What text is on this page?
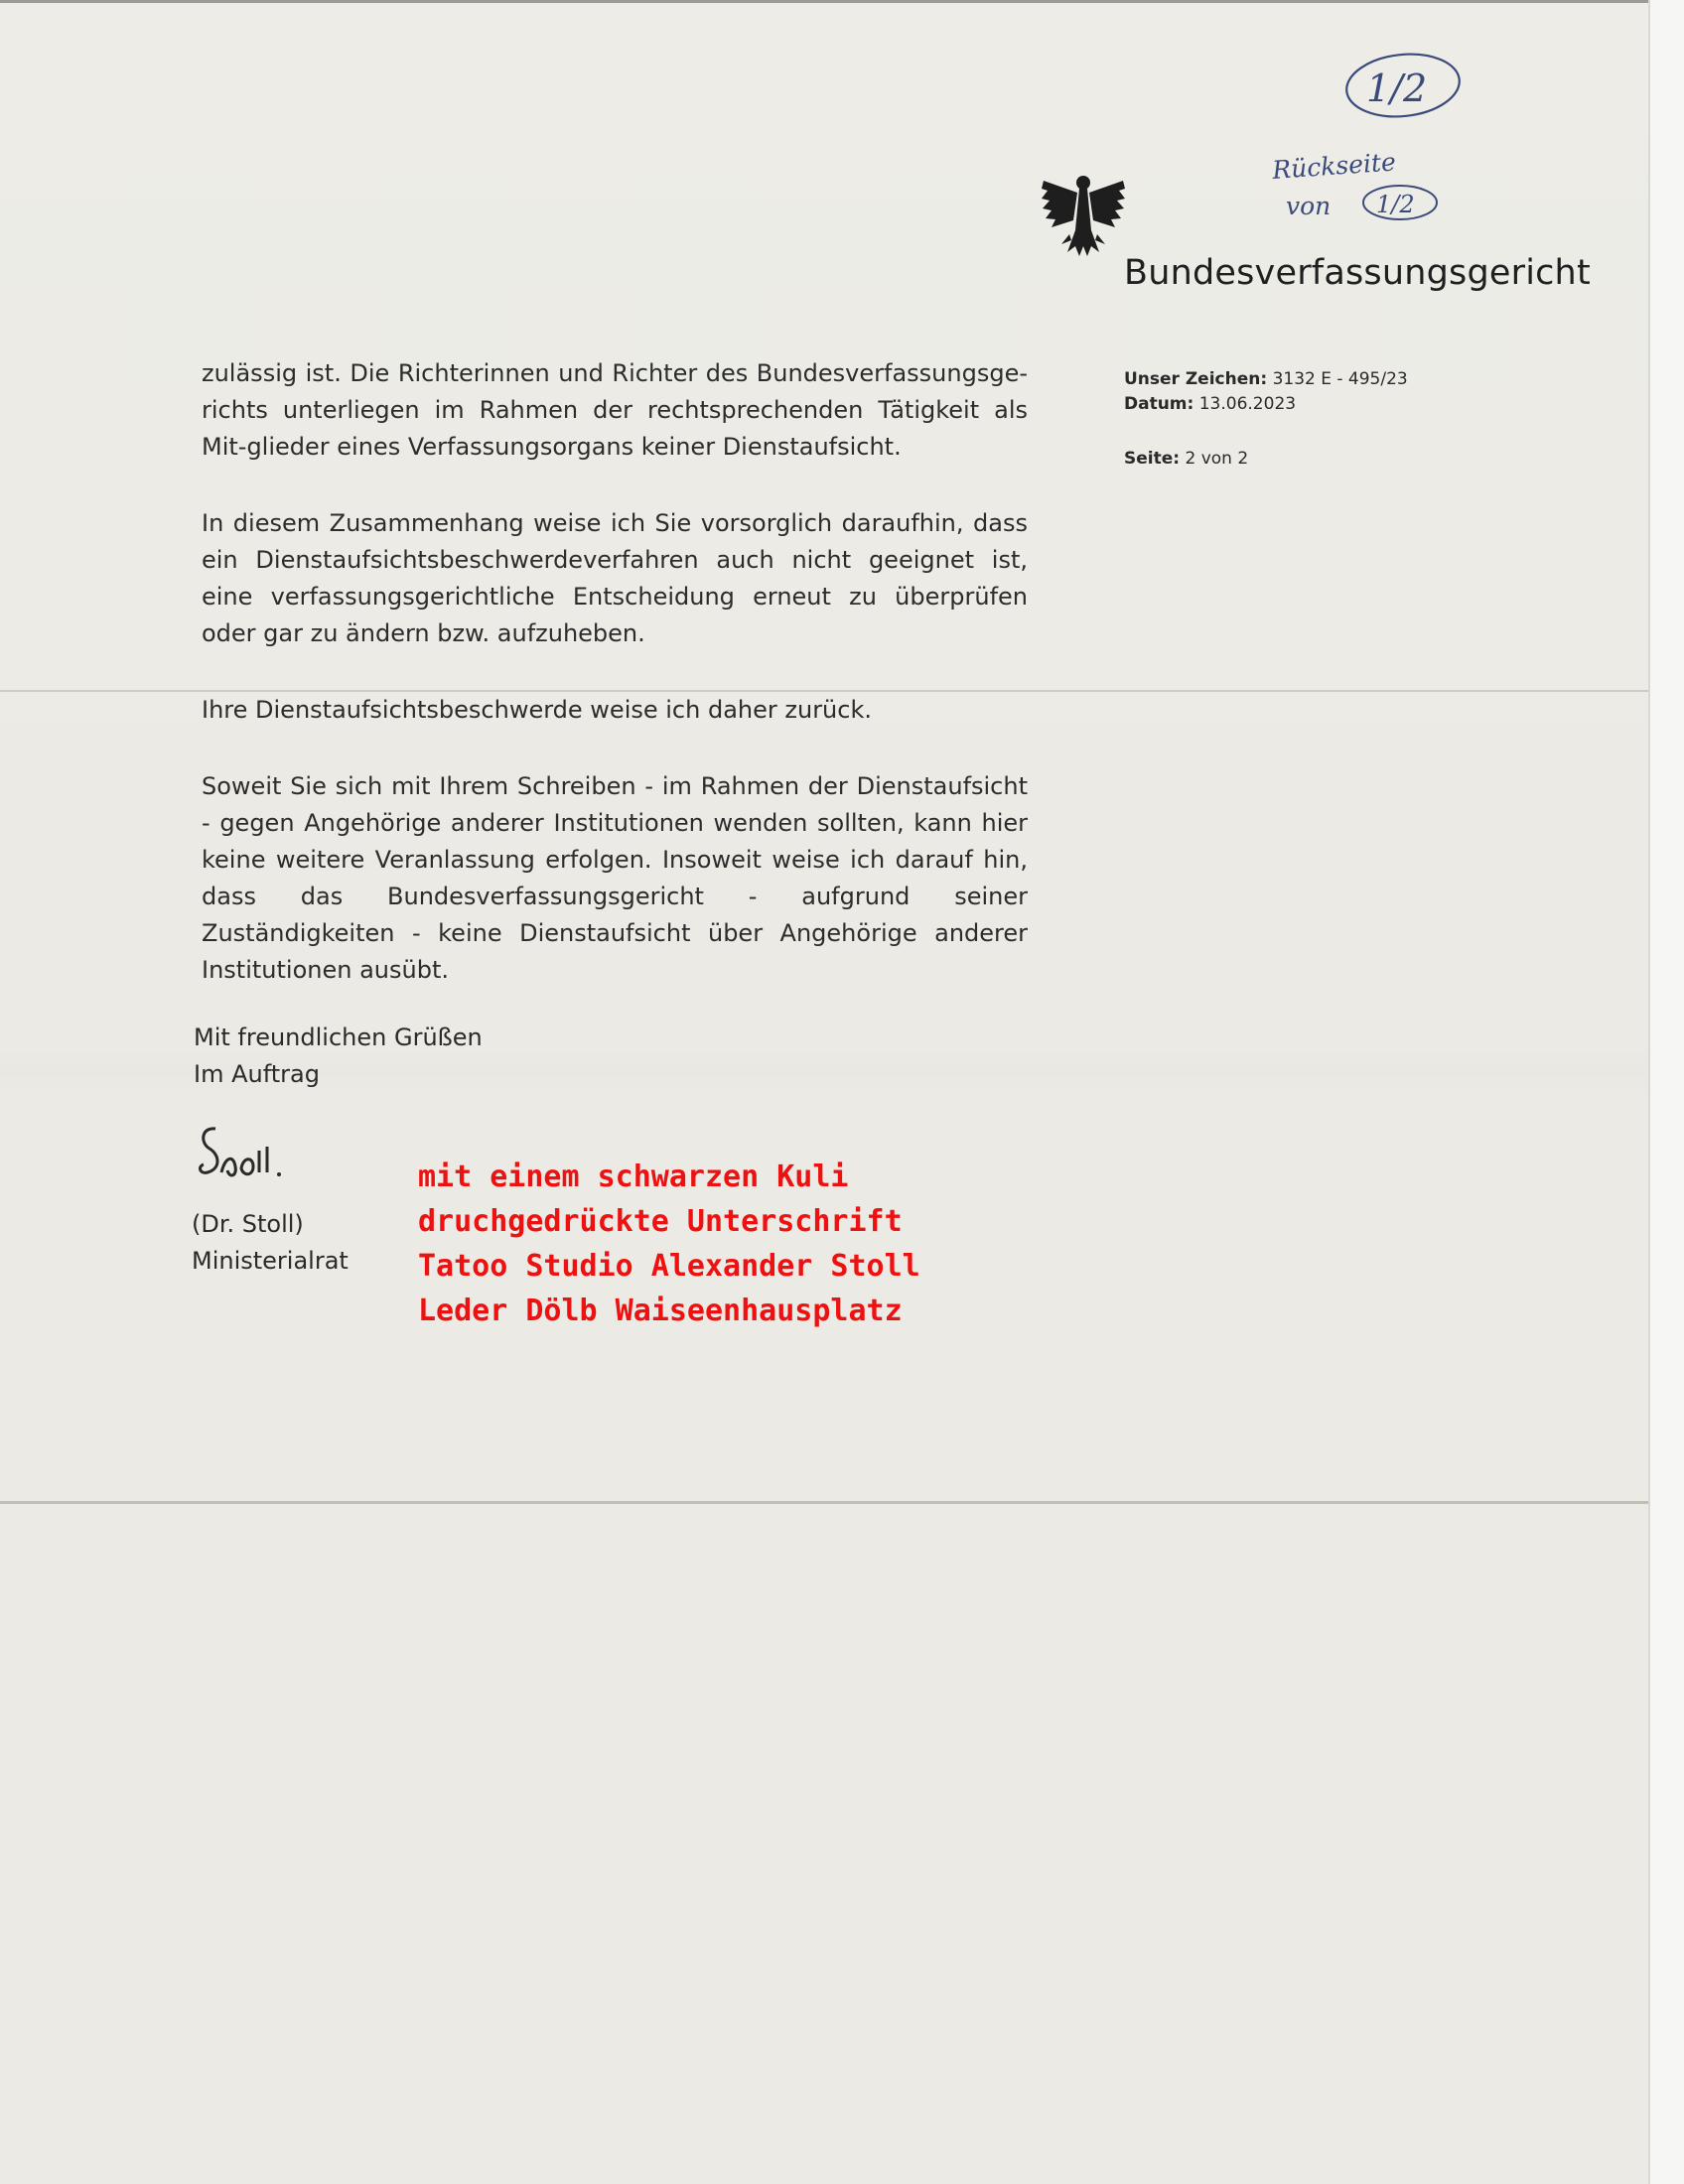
1/2
Rückseite
von 1/2
Bundesverfassungsgericht
Unser Zeichen: 3132 E - 495/23
Datum: 13.06.2023
Seite: 2 von 2

zulässig ist. Die Richterinnen und Richter des Bundesverfassungsge-richts unterliegen im Rahmen der rechtsprechenden Tätigkeit als Mit-glieder eines Verfassungsorgans keiner Dienstaufsicht.

In diesem Zusammenhang weise ich Sie vorsorglich daraufhin, dass ein Dienstaufsichtsbeschwerdeverfahren auch nicht geeignet ist, eine verfassungsgerichtliche Entscheidung erneut zu überprüfen oder gar zu ändern bzw. aufzuheben.

Ihre Dienstaufsichtsbeschwerde weise ich daher zurück.

Soweit Sie sich mit Ihrem Schreiben - im Rahmen der Dienstaufsicht - gegen Angehörige anderer Institutionen wenden sollten, kann hier keine weitere Veranlassung erfolgen. Insoweit weise ich darauf hin, dass das Bundesverfassungsgericht - aufgrund seiner Zuständigkeiten - keine Dienstaufsicht über Angehörige anderer Institutionen ausübt.

Mit freundlichen Grüßen
Im Auftrag
(Dr. Stoll)
Ministerialrat
mit einem schwarzen Kuli
druchgedrückte Unterschrift
Tatoo Studio Alexander Stoll
Leder Dölb Waiseenhausplatz
